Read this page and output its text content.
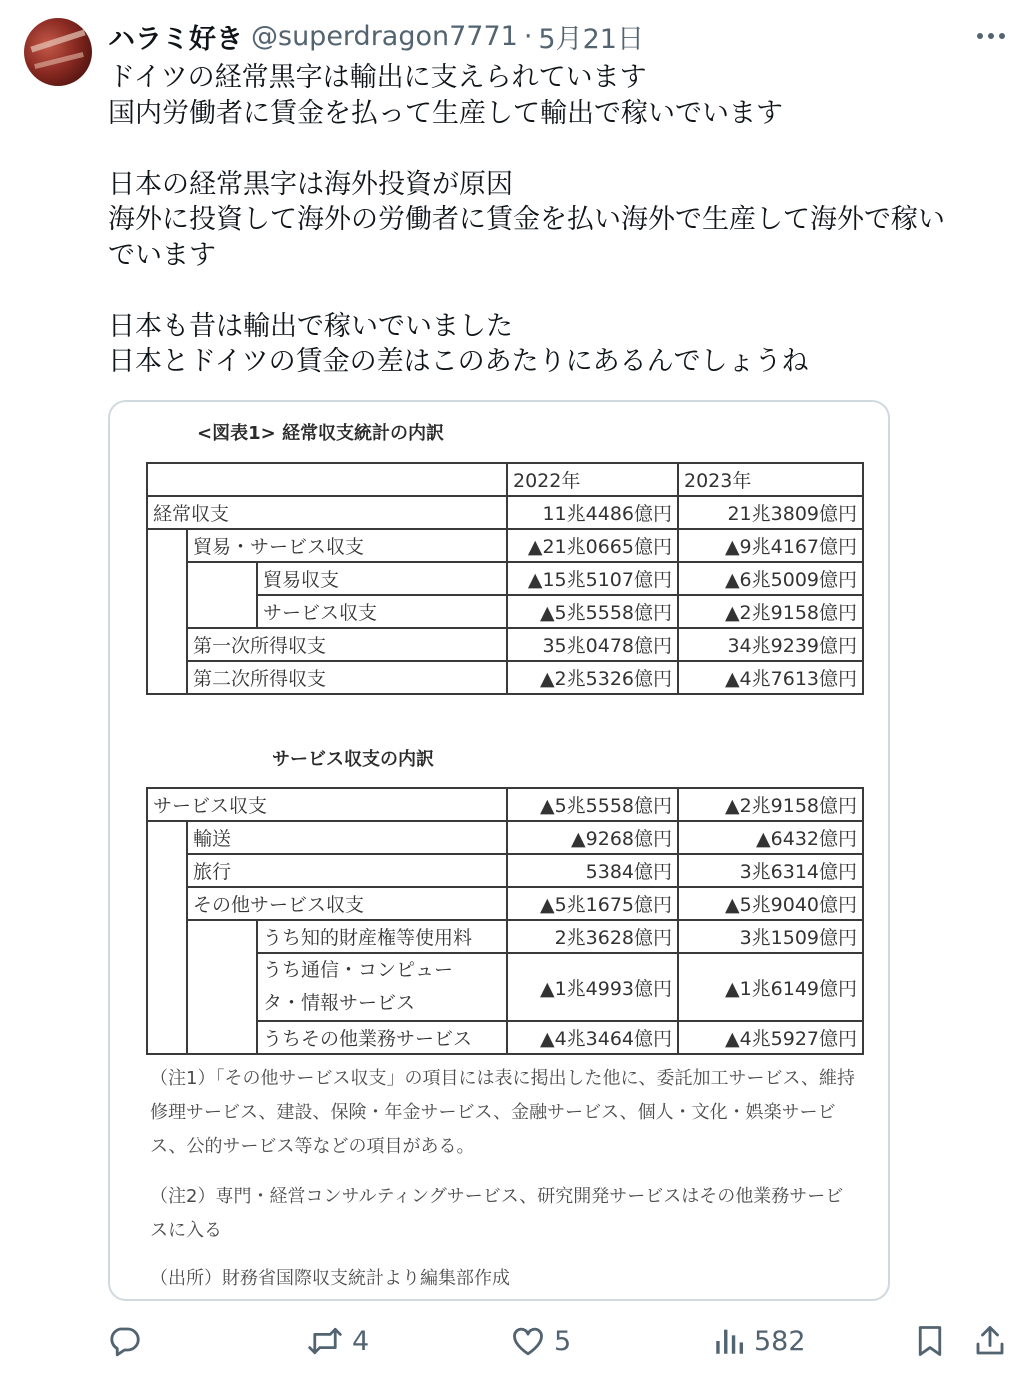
ハラミ好き @superdragon7771 · 5月21日

ドイツの経常黒字は輸出に支えられています

国内労働者に賃金を払って生産して輸出で稼いでいます

日本の経常黒字は海外投資が原因

海外に投資して海外の労働者に賃金を払い海外で生産して海外で稼い

でいます

日本も昔は輸出で稼いでいました

日本とドイツの賃金の差はこのあたりにあるんでしょうね

<図表1> 経常収支統計の内訳
			2022年	2023年
経常収支			11兆4486億円	21兆3809億円
	貿易・サービス収支		▲21兆0665億円	▲9兆4167億円
		貿易収支	▲15兆5107億円	▲6兆5009億円
		サービス収支	▲5兆5558億円	▲2兆9158億円
	第一次所得収支		35兆0478億円	34兆9239億円
	第二次所得収支		▲2兆5326億円	▲4兆7613億円
サービス収支の内訳
サービス収支			▲5兆5558億円	▲2兆9158億円
	輸送		▲9268億円	▲6432億円
	旅行		5384億円	3兆6314億円
	その他サービス収支		▲5兆1675億円	▲5兆9040億円
		うち知的財産権等使用料	2兆3628億円	3兆1509億円

		うち通信・コンピュー
タ・情報サービス	▲1兆4993億円	▲1兆6149億円
		うちその他業務サービス	▲4兆3464億円	▲4兆5927億円
（注1）「その他サービス収支」の項目には表に掲出した他に、委託加工サービス、維持修理サービス、建設、保険・年金サービス、金融サービス、個人・文化・娯楽サービス、公的サービス等などの項目がある。
（注2）専門・経営コンサルティングサービス、研究開発サービスはその他業務サービスに入る
（出所）財務省国際収支統計より編集部作成
4	5	582
